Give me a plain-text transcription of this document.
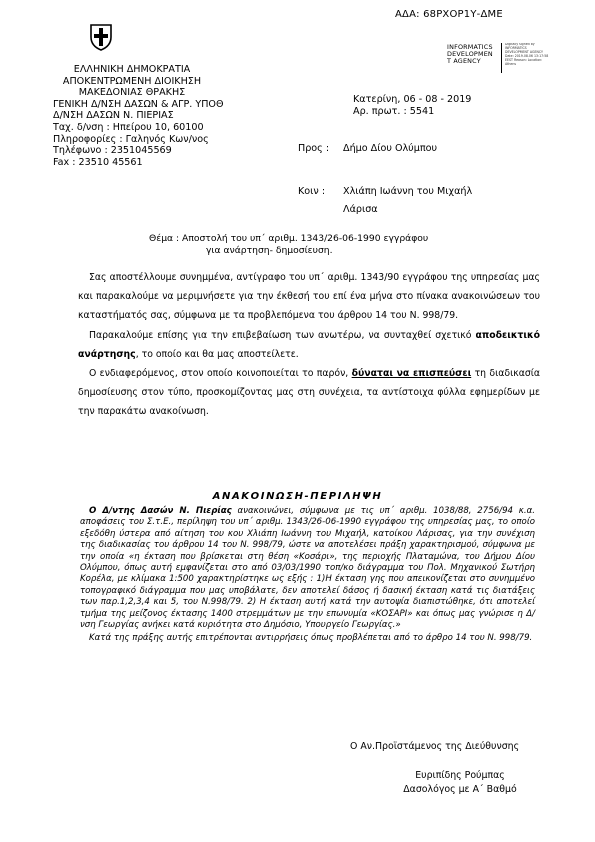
ΑΔΑ: 68ΡΧΟΡ1Υ-ΔΜΕ
ΕΛΛΗΝΙΚΗ ΔΗΜΟΚΡΑΤΙΑ
ΑΠΟΚΕΝΤΡΩΜΕΝΗ ΔΙΟΙΚΗΣΗ
ΜΑΚΕΔΟΝΙΑΣ ΘΡΑΚΗΣ
ΓΕΝΙΚΗ Δ/ΝΣΗ ΔΑΣΩΝ & ΑΓΡ. ΥΠΟΘ
Δ/ΝΣΗ ΔΑΣΩΝ Ν. ΠΙΕΡΙΑΣ
Ταχ. δ/νση : Ηπείρου 10, 60100
Πληροφορίες : Γαληνός Κων/νος
Τηλέφωνο : 2351045569
Fax : 23510 45561
INFORMATICS
DEVELOPMEN
T AGENCY
Digitally signed by INFORMATICS DEVELOPMENT AGENCY Date: 2019.08.06 13:17:58 EEST Reason: Location: Athens
Κατερίνη, 06 - 08 - 2019
Αρ. πρωτ. : 5541
Προς : Δήμο Δίου Ολύμπου
Κοιν : Χλιάπη Ιωάννη του Μιχαήλ
Λάρισα
Θέμα : Αποστολή του υπ΄ αριθμ. 1343/26-06-1990 εγγράφου
για ανάρτηση- δημοσίευση.

Σας αποστέλλουμε συνημμένα, αντίγραφο του υπ΄ αριθμ. 1343/90 εγγράφου της υπηρεσίας μας και παρακαλούμε να μεριμνήσετε για την έκθεσή του επί ένα μήνα στο πίνακα ανακοινώσεων του καταστήματός σας, σύμφωνα με τα προβλεπόμενα του άρθρου 14 του Ν. 998/79.

Παρακαλούμε επίσης για την επιβεβαίωση των ανωτέρω, να συνταχθεί σχετικό αποδεικτικό ανάρτησης, το οποίο και θα μας αποστείλετε.

Ο ενδιαφερόμενος, στον οποίο κοινοποιείται το παρόν, δύναται να επισπεύσει τη διαδικασία δημοσίευσης στον τύπο, προσκομίζοντας μας στη συνέχεια, τα αντίστοιχα φύλλα εφημερίδων με την παρακάτω ανακοίνωση.

ΑΝΑΚΟΙΝΩΣΗ-ΠΕΡΙΛΗΨΗ

Ο Δ/ντης Δασών Ν. Πιερίας ανακοινώνει, σύμφωνα με τις υπ΄ αριθμ. 1038/88, 2756/94 κ.α. αποφάσεις του Σ.τ.Ε., περίληψη του υπ΄ αριθμ. 1343/26-06-1990 εγγράφου της υπηρεσίας μας, το οποίο εξεδόθη ύστερα από αίτηση του κου Χλιάπη Ιωάννη του Μιχαήλ, κατοίκου Λάρισας, για την συνέχιση της διαδικασίας του άρθρου 14 του Ν. 998/79, ώστε να αποτελέσει πράξη χαρακτηρισμού, σύμφωνα με την οποία «η έκταση που βρίσκεται στη θέση «Κοσάρι», της περιοχής Πλαταμώνα, του Δήμου Δίου Ολύμπου, όπως αυτή εμφανίζεται στο από 03/03/1990 τοπ/κο διάγραμμα του Πολ. Μηχανικού Σωτήρη Κορέλα, με κλίμακα 1:500 χαρακτηρίστηκε ως εξής : 1)Η έκταση γης που απεικονίζεται στο συνημμένο τοπογραφικό διάγραμμα που μας υποβάλατε, δεν αποτελεί δάσος ή δασική έκταση κατά τις διατάξεις των παρ.1,2,3,4 και 5, του Ν.998/79. 2) Η έκταση αυτή κατά την αυτοψία διαπιστώθηκε, ότι αποτελεί τμήμα της μείζονος έκτασης 1400 στρεμμάτων με την επωνυμία «ΚΟΣΑΡΙ» και όπως μας γνώρισε η Δ/νση Γεωργίας ανήκει κατά κυριότητα στο Δημόσιο, Υπουργείο Γεωργίας.»

Κατά της πράξης αυτής επιτρέπονται αντιρρήσεις όπως προβλέπεται από το άρθρο 14 του Ν. 998/79.

Ο Αν.Προϊστάμενος της Διεύθυνσης
Ευριπίδης Ρούμπας
Δασολόγος με Α΄ Βαθμό
